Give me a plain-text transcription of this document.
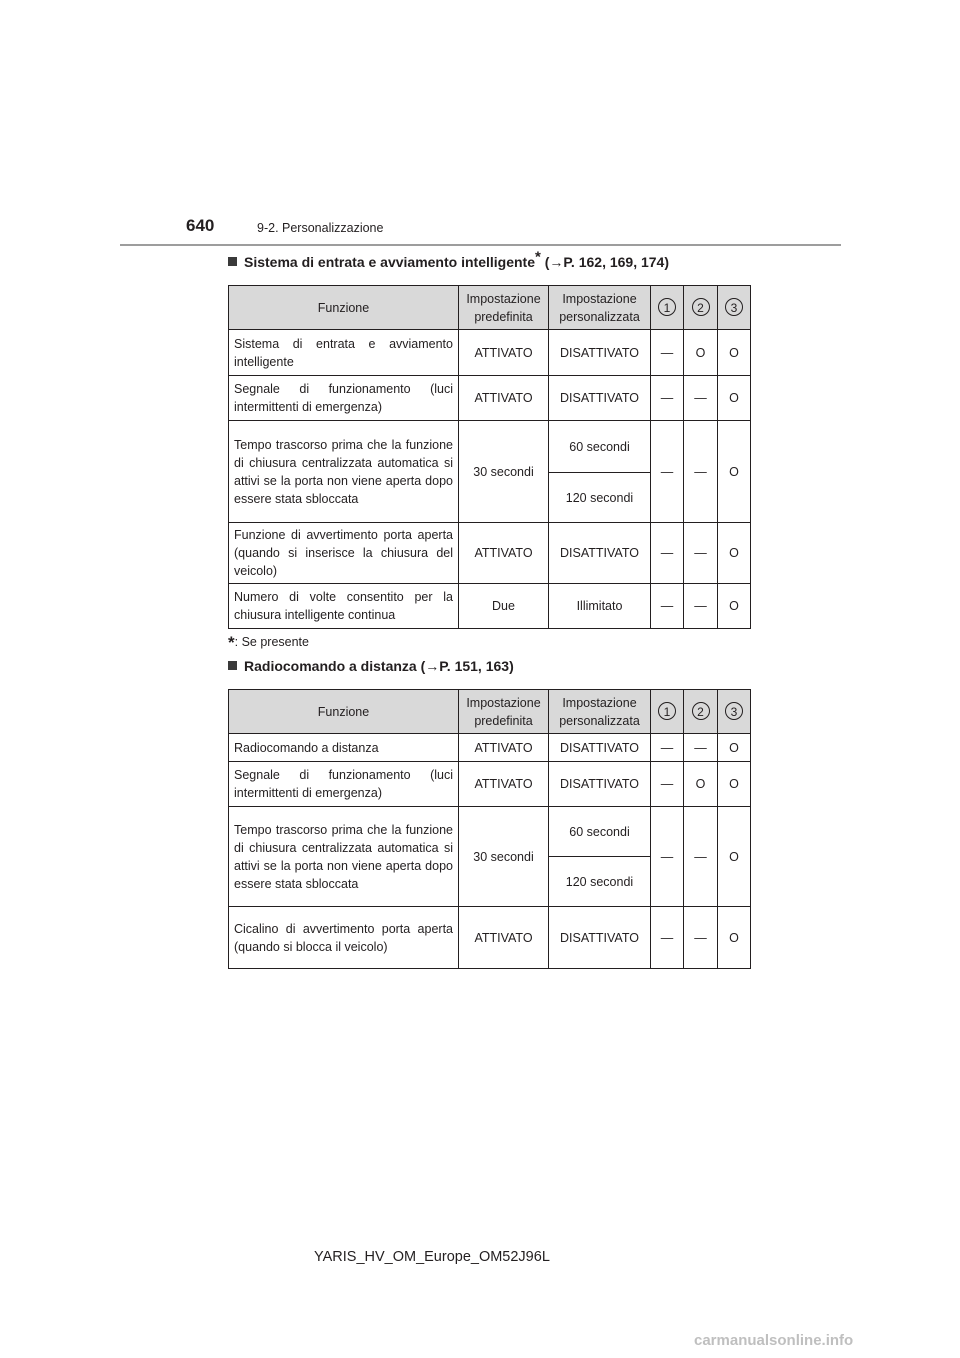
640	9-2. Personalizzazione
Sistema di entrata e avviamento intelligente* (→P. 162, 169, 174)
Funzione	Impostazione predefinita	Impostazione personalizzata	1	2	3
Sistema di entrata e avviamento intelligente	ATTIVATO	DISATTIVATO	—	O	O
Segnale di funzionamento (luci intermittenti di emergenza)	ATTIVATO	DISATTIVATO	—	—	O
Tempo trascorso prima che la funzione di chiusura centralizzata automatica si attivi se la porta non viene aperta dopo essere stata sbloccata	30 secondi	60 secondi	—	—	O
		120 secondi			
Funzione di avvertimento porta aperta (quando si inserisce la chiusura del veicolo)	ATTIVATO	DISATTIVATO	—	—	O
Numero di volte consentito per la chiusura intelligente continua	Due	Illimitato	—	—	O
*: Se presente
Radiocomando a distanza (→P. 151, 163)
Funzione	Impostazione predefinita	Impostazione personalizzata	1	2	3
Radiocomando a distanza	ATTIVATO	DISATTIVATO	—	—	O
Segnale di funzionamento (luci intermittenti di emergenza)	ATTIVATO	DISATTIVATO	—	O	O
Tempo trascorso prima che la funzione di chiusura centralizzata automatica si attivi se la porta non viene aperta dopo essere stata sbloccata	30 secondi	60 secondi	—	—	O
		120 secondi			
Cicalino di avvertimento porta aperta (quando si blocca il veicolo)	ATTIVATO	DISATTIVATO	—	—	O
YARIS_HV_OM_Europe_OM52J96L
carmanualsonline.info
